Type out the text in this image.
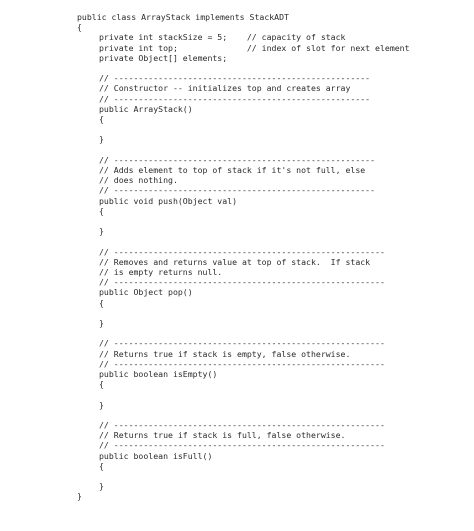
public class ArrayStack implements StackADT
{
private int stackSize = 5;    // capacity of stack
private int top;              // index of slot for next element
private Object[] elements;
// ----------------------------------------------------
// Constructor -- initializes top and creates array
// ----------------------------------------------------
public ArrayStack()
{
}
// -----------------------------------------------------
// Adds element to top of stack if it's not full, else
// does nothing.
// -----------------------------------------------------
public void push(Object val)
{
}
// -------------------------------------------------------
// Removes and returns value at top of stack.  If stack
// is empty returns null.
// -------------------------------------------------------
public Object pop()
{
}
// -------------------------------------------------------
// Returns true if stack is empty, false otherwise.
// -------------------------------------------------------
public boolean isEmpty()
{
}
// -------------------------------------------------------
// Returns true if stack is full, false otherwise.
// -------------------------------------------------------
public boolean isFull()
{
}
}
